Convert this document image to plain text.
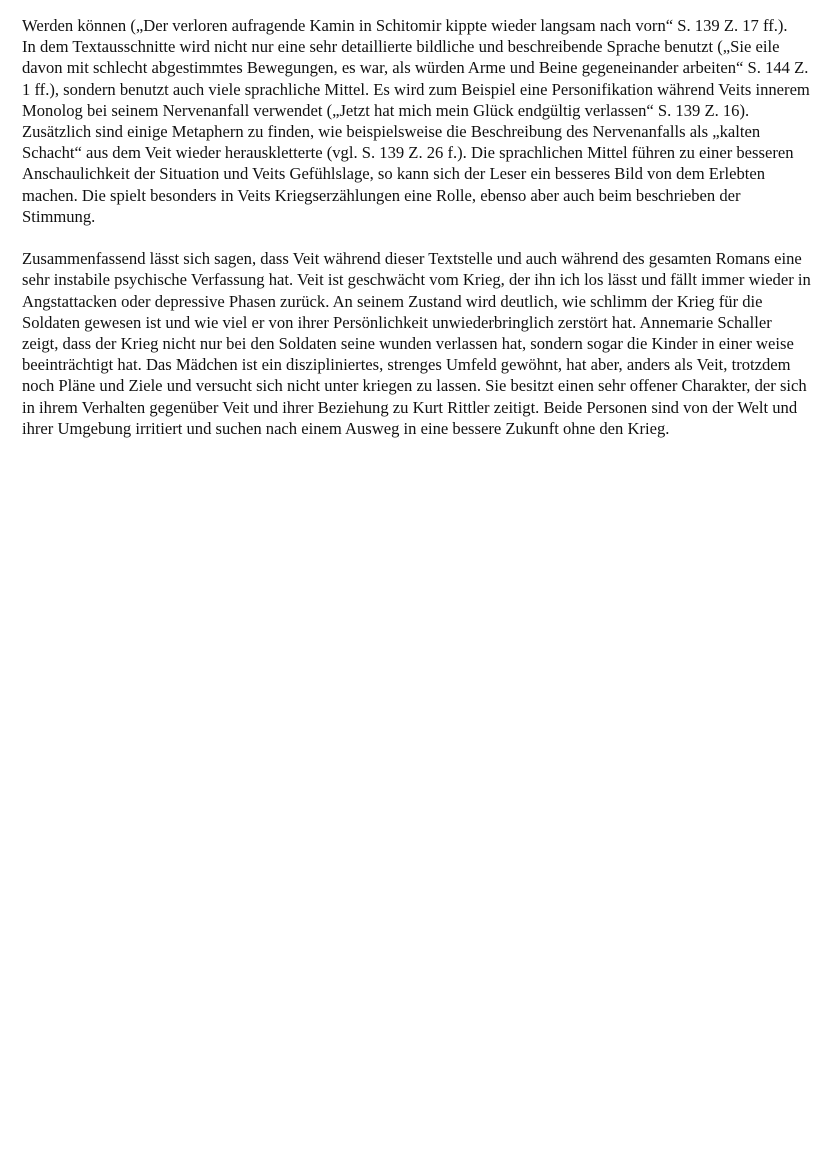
Werden können („Der verloren aufragende Kamin in Schitomir kippte wieder langsam nach vorn“ S. 139 Z. 17 ff.).

In dem Textausschnitte wird nicht nur eine sehr detaillierte bildliche und beschreibende Sprache benutzt („Sie eile davon mit schlecht abgestimmtes Bewegungen, es war, als würden Arme und Beine gegeneinander arbeiten“ S. 144 Z. 1 ff.), sondern benutzt auch viele sprachliche Mittel. Es wird zum Beispiel eine Personifikation während Veits innerem Monolog bei seinem Nervenanfall verwendet („Jetzt hat mich mein Glück endgültig verlassen“ S. 139 Z. 16). Zusätzlich sind einige Metaphern zu finden, wie beispielsweise die Beschreibung des Nervenanfalls als „kalten Schacht“ aus dem Veit wieder herauskletterte (vgl. S. 139 Z. 26 f.). Die sprachlichen Mittel führen zu einer besseren Anschaulichkeit der Situation und Veits Gefühlslage, so kann sich der Leser ein besseres Bild von dem Erlebten machen. Die spielt besonders in Veits Kriegserzählungen eine Rolle, ebenso aber auch beim beschrieben der Stimmung.

Zusammenfassend lässt sich sagen, dass Veit während dieser Textstelle und auch während des gesamten Romans eine sehr instabile psychische Verfassung hat. Veit ist geschwächt vom Krieg, der ihn ich los lässt und fällt immer wieder in Angstattacken oder depressive Phasen zurück. An seinem Zustand wird deutlich, wie schlimm der Krieg für die Soldaten gewesen ist und wie viel er von ihrer Persönlichkeit unwiederbringlich zerstört hat. Annemarie Schaller zeigt, dass der Krieg nicht nur bei den Soldaten seine wunden verlassen hat, sondern sogar die Kinder in einer weise beeinträchtigt hat. Das Mädchen ist ein diszipliniertes, strenges Umfeld gewöhnt, hat aber, anders als Veit, trotzdem noch Pläne und Ziele und versucht sich nicht unter kriegen zu lassen. Sie besitzt einen sehr offener Charakter, der sich in ihrem Verhalten gegenüber Veit und ihrer Beziehung zu Kurt Rittler zeitigt. Beide Personen sind von der Welt und ihrer Umgebung irritiert und suchen nach einem Ausweg in eine bessere Zukunft ohne den Krieg.
